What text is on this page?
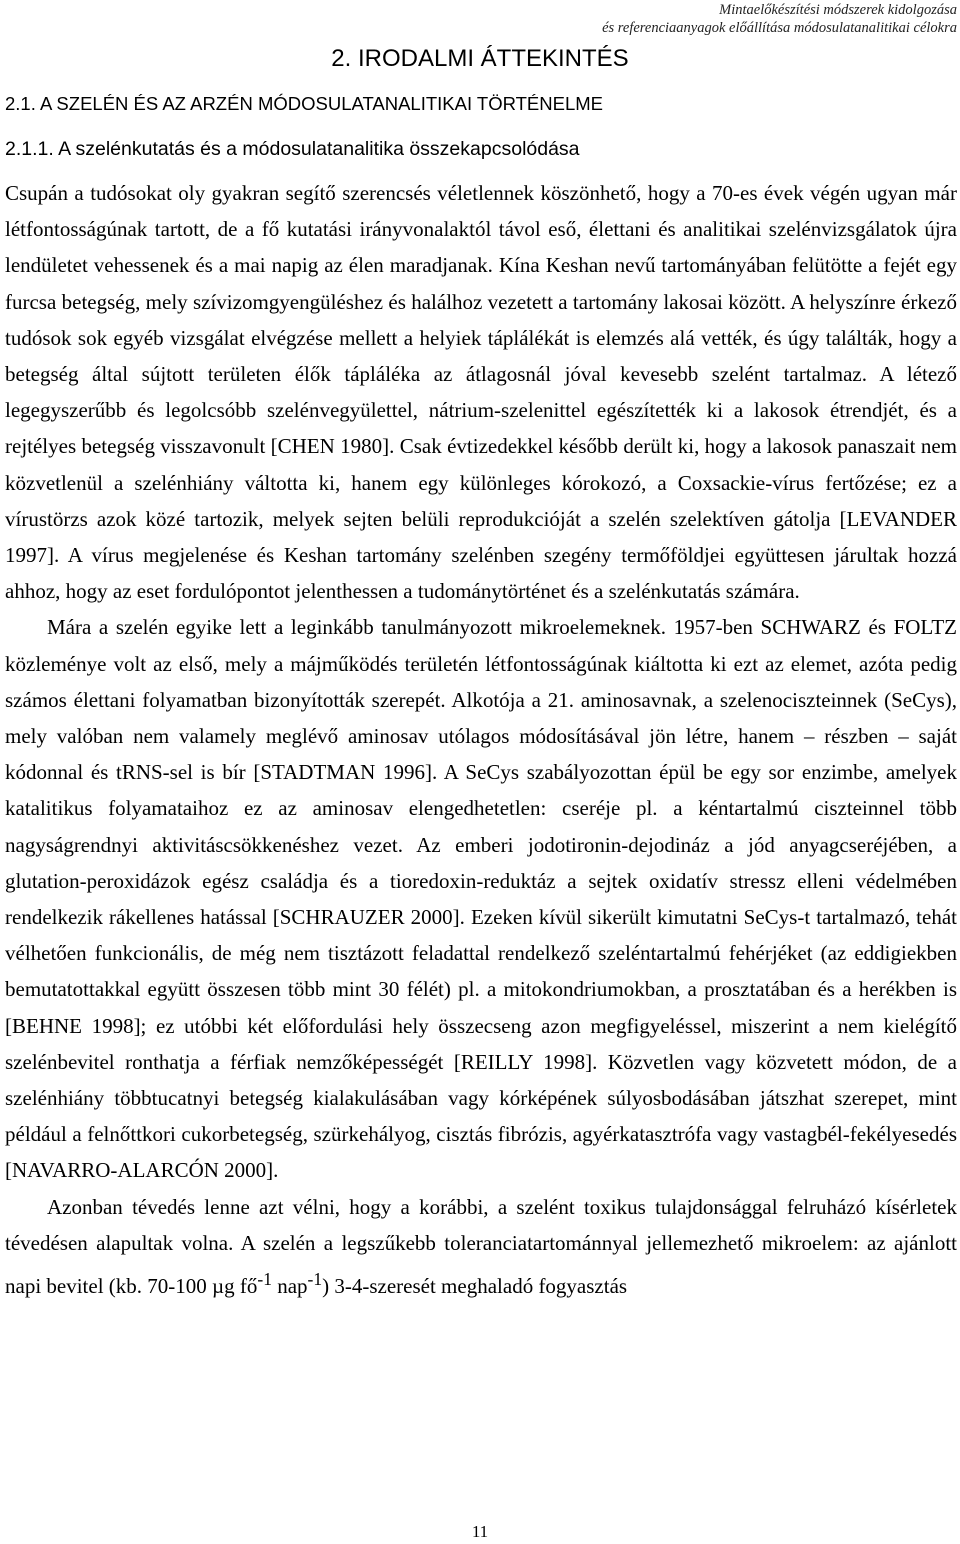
Mintaelőkészítési módszerek kidolgozása
és referenciaanyagok előállítása módosulatanalitikai célokra
2. IRODALMI ÁTTEKINTÉS
2.1. A SZELÉN ÉS AZ ARZÉN MÓDOSULATANALITIKAI TÖRTÉNELME
2.1.1. A szelénkutatás és a módosulatanalitika összekapcsolódása

Csupán a tudósokat oly gyakran segítő szerencsés véletlennek köszönhető, hogy a 70-es évek végén ugyan már létfontosságúnak tartott, de a fő kutatási irányvonalaktól távol eső, élettani és analitikai szelénvizsgálatok újra lendületet vehessenek és a mai napig az élen maradjanak. Kína Keshan nevű tartományában felütötte a fejét egy furcsa betegség, mely szívizomgyengüléshez és halálhoz vezetett a tartomány lakosai között. A helyszínre érkező tudósok sok egyéb vizsgálat elvégzése mellett a helyiek táplálékát is elemzés alá vették, és úgy találták, hogy a betegség által sújtott területen élők tápláléka az átlagosnál jóval kevesebb szelént tartalmaz. A létező legegyszerűbb és legolcsóbb szelénvegyülettel, nátrium-szelenittel egészítették ki a lakosok étrendjét, és a rejtélyes betegség visszavonult [CHEN 1980]. Csak évtizedekkel később derült ki, hogy a lakosok panaszait nem közvetlenül a szelénhiány váltotta ki, hanem egy különleges kórokozó, a Coxsackie-vírus fertőzése; ez a vírustörzs azok közé tartozik, melyek sejten belüli reprodukcióját a szelén szelektíven gátolja [LEVANDER 1997]. A vírus megjelenése és Keshan tartomány szelénben szegény termőföldjei együttesen járultak hozzá ahhoz, hogy az eset fordulópontot jelenthessen a tudománytörténet és a szelénkutatás számára.

Mára a szelén egyike lett a leginkább tanulmányozott mikroelemeknek. 1957-ben SCHWARZ és FOLTZ közleménye volt az első, mely a májműködés területén létfontosságúnak kiáltotta ki ezt az elemet, azóta pedig számos élettani folyamatban bizonyították szerepét. Alkotója a 21. aminosavnak, a szelenociszteinnek (SeCys), mely valóban nem valamely meglévő aminosav utólagos módosításával jön létre, hanem – részben – saját kódonnal és tRNS-sel is bír [STADTMAN 1996]. A SeCys szabályozottan épül be egy sor enzimbe, amelyek katalitikus folyamataihoz ez az aminosav elengedhetetlen: cseréje pl. a kéntartalmú ciszteinnel több nagyságrendnyi aktivitáscsökkenéshez vezet. Az emberi jodotironin-dejodináz a jód anyagcseréjében, a glutation-peroxidázok egész családja és a tioredoxin-reduktáz a sejtek oxidatív stressz elleni védelmében rendelkezik rákellenes hatással [SCHRAUZER 2000]. Ezeken kívül sikerült kimutatni SeCys-t tartalmazó, tehát vélhetően funkcionális, de még nem tisztázott feladattal rendelkező szeléntartalmú fehérjéket (az eddigiekben bemutatottakkal együtt összesen több mint 30 félét) pl. a mitokondriumokban, a prosztatában és a herékben is [BEHNE 1998]; ez utóbbi két előfordulási hely összecseng azon megfigyeléssel, miszerint a nem kielégítő szelénbevitel ronthatja a férfiak nemzőképességét [REILLY 1998]. Közvetlen vagy közvetett módon, de a szelénhiány többtucatnyi betegség kialakulásában vagy kórképének súlyosbodásában játszhat szerepet, mint például a felnőttkori cukorbetegség, szürkehályog, cisztás fibrózis, agyérkatasztrófa vagy vastagbél-fekélyesedés [NAVARRO-ALARCÓN 2000].

Azonban tévedés lenne azt vélni, hogy a korábbi, a szelént toxikus tulajdonsággal felruházó kísérletek tévedésen alapultak volna. A szelén a legszűkebb toleranciatartománnyal jellemezhető mikroelem: az ajánlott napi bevitel (kb. 70-100 µg $fő^{-1}$ nap$^{-1}$) 3-4-szeresét meghaladó fogyasztás

11
